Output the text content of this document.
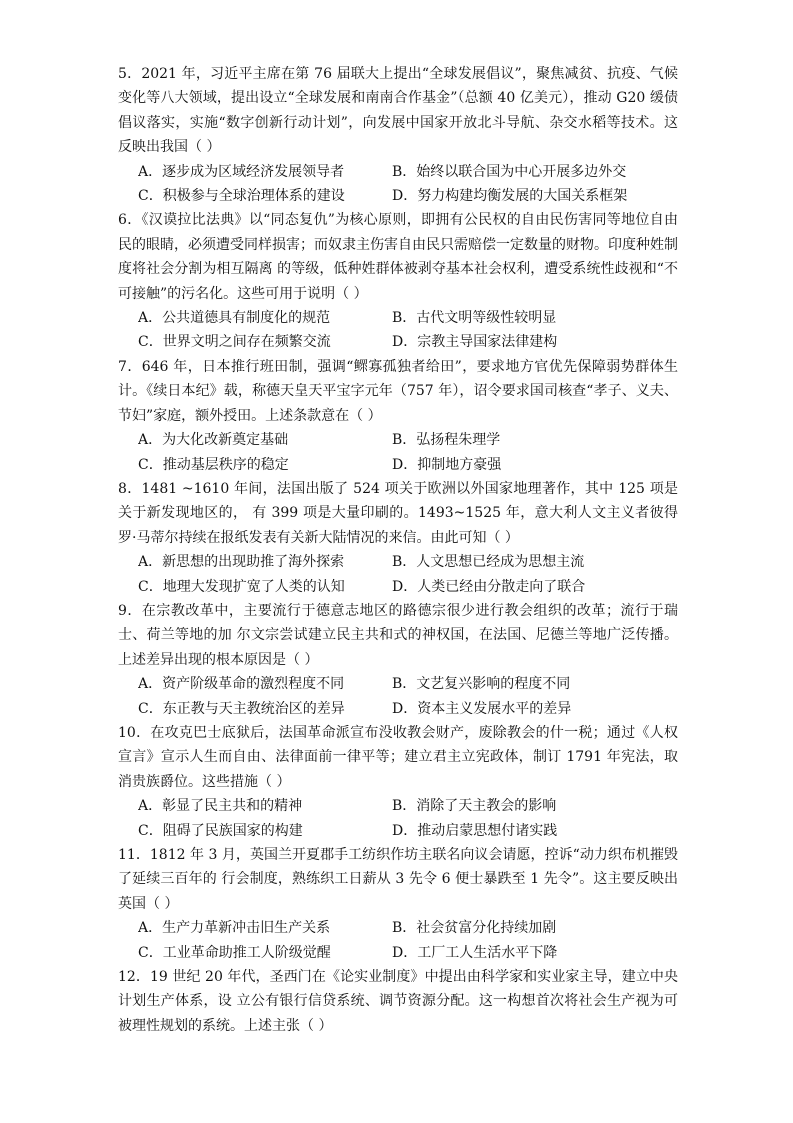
5．2021 年，习近平主席在第 76 届联大上提出“全球发展倡议”，聚焦减贫、抗疫、气候变化等八大领域，提出设立“全球发展和南南合作基金”（总额 40 亿美元），推动 G20 缓债倡议落实，实施“数字创新行动计划”，向发展中国家开放北斗导航、杂交水稻等技术。这反映出我国（ ）

A．逐步成为区域经济发展领导者	B．始终以联合国为中心开展多边外交
C．积极参与全球治理体系的建设	D．努力构建均衡发展的大国关系框架

6．《汉谟拉比法典》以“同态复仇”为核心原则，即拥有公民权的自由民伤害同等地位自由民的眼睛，必须遭受同样损害；而奴隶主伤害自由民只需赔偿一定数量的财物。印度种姓制度将社会分割为相互隔离 的等级，低种姓群体被剥夺基本社会权利，遭受系统性歧视和“不可接触”的污名化。这些可用于说明（ ）

A．公共道德具有制度化的规范	B．古代文明等级性较明显
C．世界文明之间存在频繁交流	D．宗教主导国家法律建构

7．646 年，日本推行班田制，强调“鳏寡孤独者给田”，要求地方官优先保障弱势群体生计。《续日本纪》载，称德天皇天平宝字元年（757 年），诏令要求国司核查“孝子、义夫、节妇”家庭，额外授田。上述条款意在（ ）

A．为大化改新奠定基础	B．弘扬程朱理学
C．推动基层秩序的稳定	D．抑制地方豪强

8．1481 ~1610 年间，法国出版了 524 项关于欧洲以外国家地理著作，其中 125 项是关于新发现地区的， 有 399 项是大量印刷的。1493~1525 年，意大利人文主义者彼得罗·马蒂尔持续在报纸发表有关新大陆情况的来信。由此可知（ ）

A．新思想的出现助推了海外探索	B．人文思想已经成为思想主流
C．地理大发现扩宽了人类的认知	D．人类已经由分散走向了联合

9．在宗教改革中，主要流行于德意志地区的路德宗很少进行教会组织的改革；流行于瑞士、荷兰等地的加 尔文宗尝试建立民主共和式的神权国，在法国、尼德兰等地广泛传播。上述差异出现的根本原因是（ ）

A．资产阶级革命的激烈程度不同	B．文艺复兴影响的程度不同
C．东正教与天主教统治区的差异	D．资本主义发展水平的差异

10．在攻克巴士底狱后，法国革命派宣布没收教会财产，废除教会的什一税；通过《人权宣言》宣示人生而自由、法律面前一律平等；建立君主立宪政体，制订 1791 年宪法，取消贵族爵位。这些措施（ ）

A．彰显了民主共和的精神	B．消除了天主教会的影响
C．阻碍了民族国家的构建	D．推动启蒙思想付诸实践

11．1812 年 3 月，英国兰开夏郡手工纺织作坊主联名向议会请愿，控诉“动力织布机摧毁了延续三百年的 行会制度，熟练织工日薪从 3 先令 6 便士暴跌至 1 先令”。这主要反映出英国（ ）

A．生产力革新冲击旧生产关系	B．社会贫富分化持续加剧
C．工业革命助推工人阶级觉醒	D．工厂工人生活水平下降

12．19 世纪 20 年代，圣西门在《论实业制度》中提出由科学家和实业家主导，建立中央计划生产体系，设 立公有银行信贷系统、调节资源分配。这一构想首次将社会生产视为可被理性规划的系统。上述主张（ ）
